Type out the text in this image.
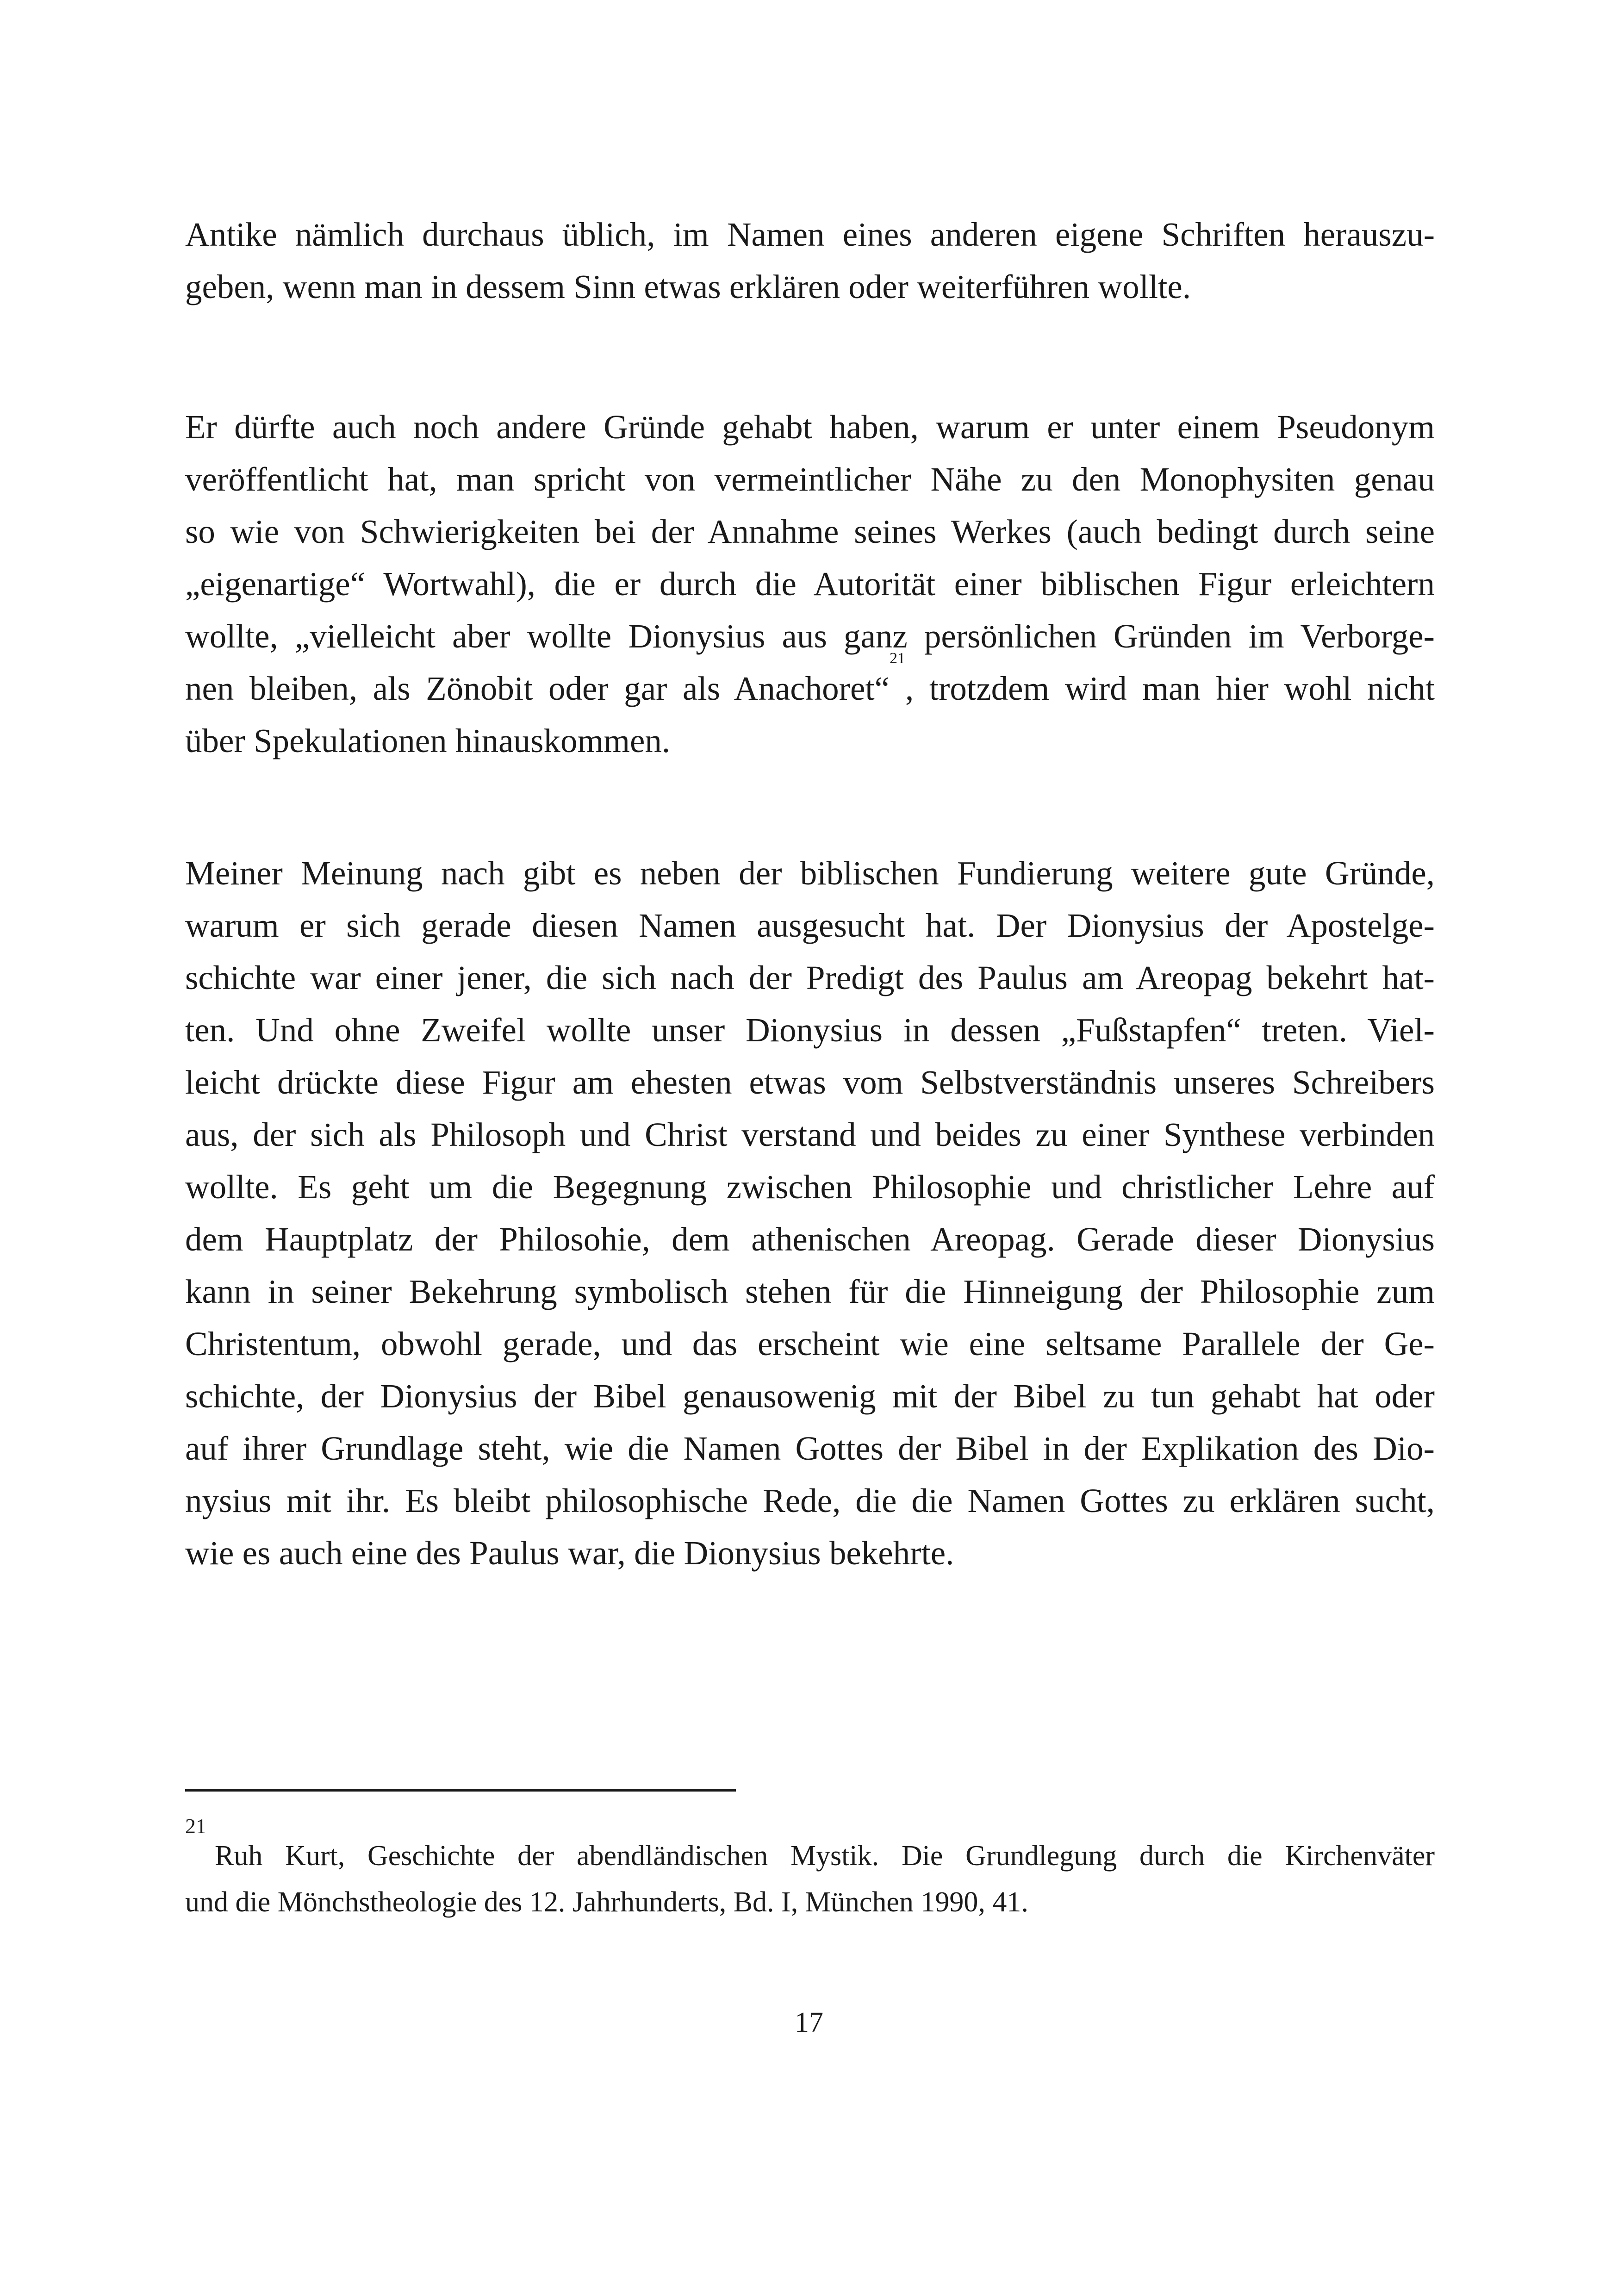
Antike nämlich durchaus üblich, im Namen eines anderen eigene Schriften herauszu-
geben, wenn man in dessem Sinn etwas erklären oder weiterführen wollte.
Er dürfte auch noch andere Gründe gehabt haben, warum er unter einem Pseudonym
veröffentlicht hat, man spricht von vermeintlicher Nähe zu den Monophysiten genau
so wie von Schwierigkeiten bei der Annahme seines Werkes (auch bedingt durch seine
„eigenartige“ Wortwahl), die er durch die Autorität einer biblischen Figur erleichtern
wollte, „vielleicht aber wollte Dionysius aus ganz persönlichen Gründen im Verborge-
nen bleiben, als Zönobit oder gar als Anachoret“$^{21}$, trotzdem wird man hier wohl nicht
über Spekulationen hinauskommen.
Meiner Meinung nach gibt es neben der biblischen Fundierung weitere gute Gründe,
warum er sich gerade diesen Namen ausgesucht hat. Der Dionysius der Apostelge-
schichte war einer jener, die sich nach der Predigt des Paulus am Areopag bekehrt hat-
ten. Und ohne Zweifel wollte unser Dionysius in dessen „Fußstapfen“ treten. Viel-
leicht drückte diese Figur am ehesten etwas vom Selbstverständnis unseres Schreibers
aus, der sich als Philosoph und Christ verstand und beides zu einer Synthese verbinden
wollte. Es geht um die Begegnung zwischen Philosophie und christlicher Lehre auf
dem Hauptplatz der Philosohie, dem athenischen Areopag. Gerade dieser Dionysius
kann in seiner Bekehrung symbolisch stehen für die Hinneigung der Philosophie zum
Christentum, obwohl gerade, und das erscheint wie eine seltsame Parallele der Ge-
schichte, der Dionysius der Bibel genausowenig mit der Bibel zu tun gehabt hat oder
auf ihrer Grundlage steht, wie die Namen Gottes der Bibel in der Explikation des Dio-
nysius mit ihr. Es bleibt philosophische Rede, die die Namen Gottes zu erklären sucht,
wie es auch eine des Paulus war, die Dionysius bekehrte.
$^{21}$Ruh Kurt, Geschichte der abendländischen Mystik. Die Grundlegung durch die Kirchenväter
und die Mönchstheologie des 12. Jahrhunderts, Bd. I, München 1990, 41.
17
